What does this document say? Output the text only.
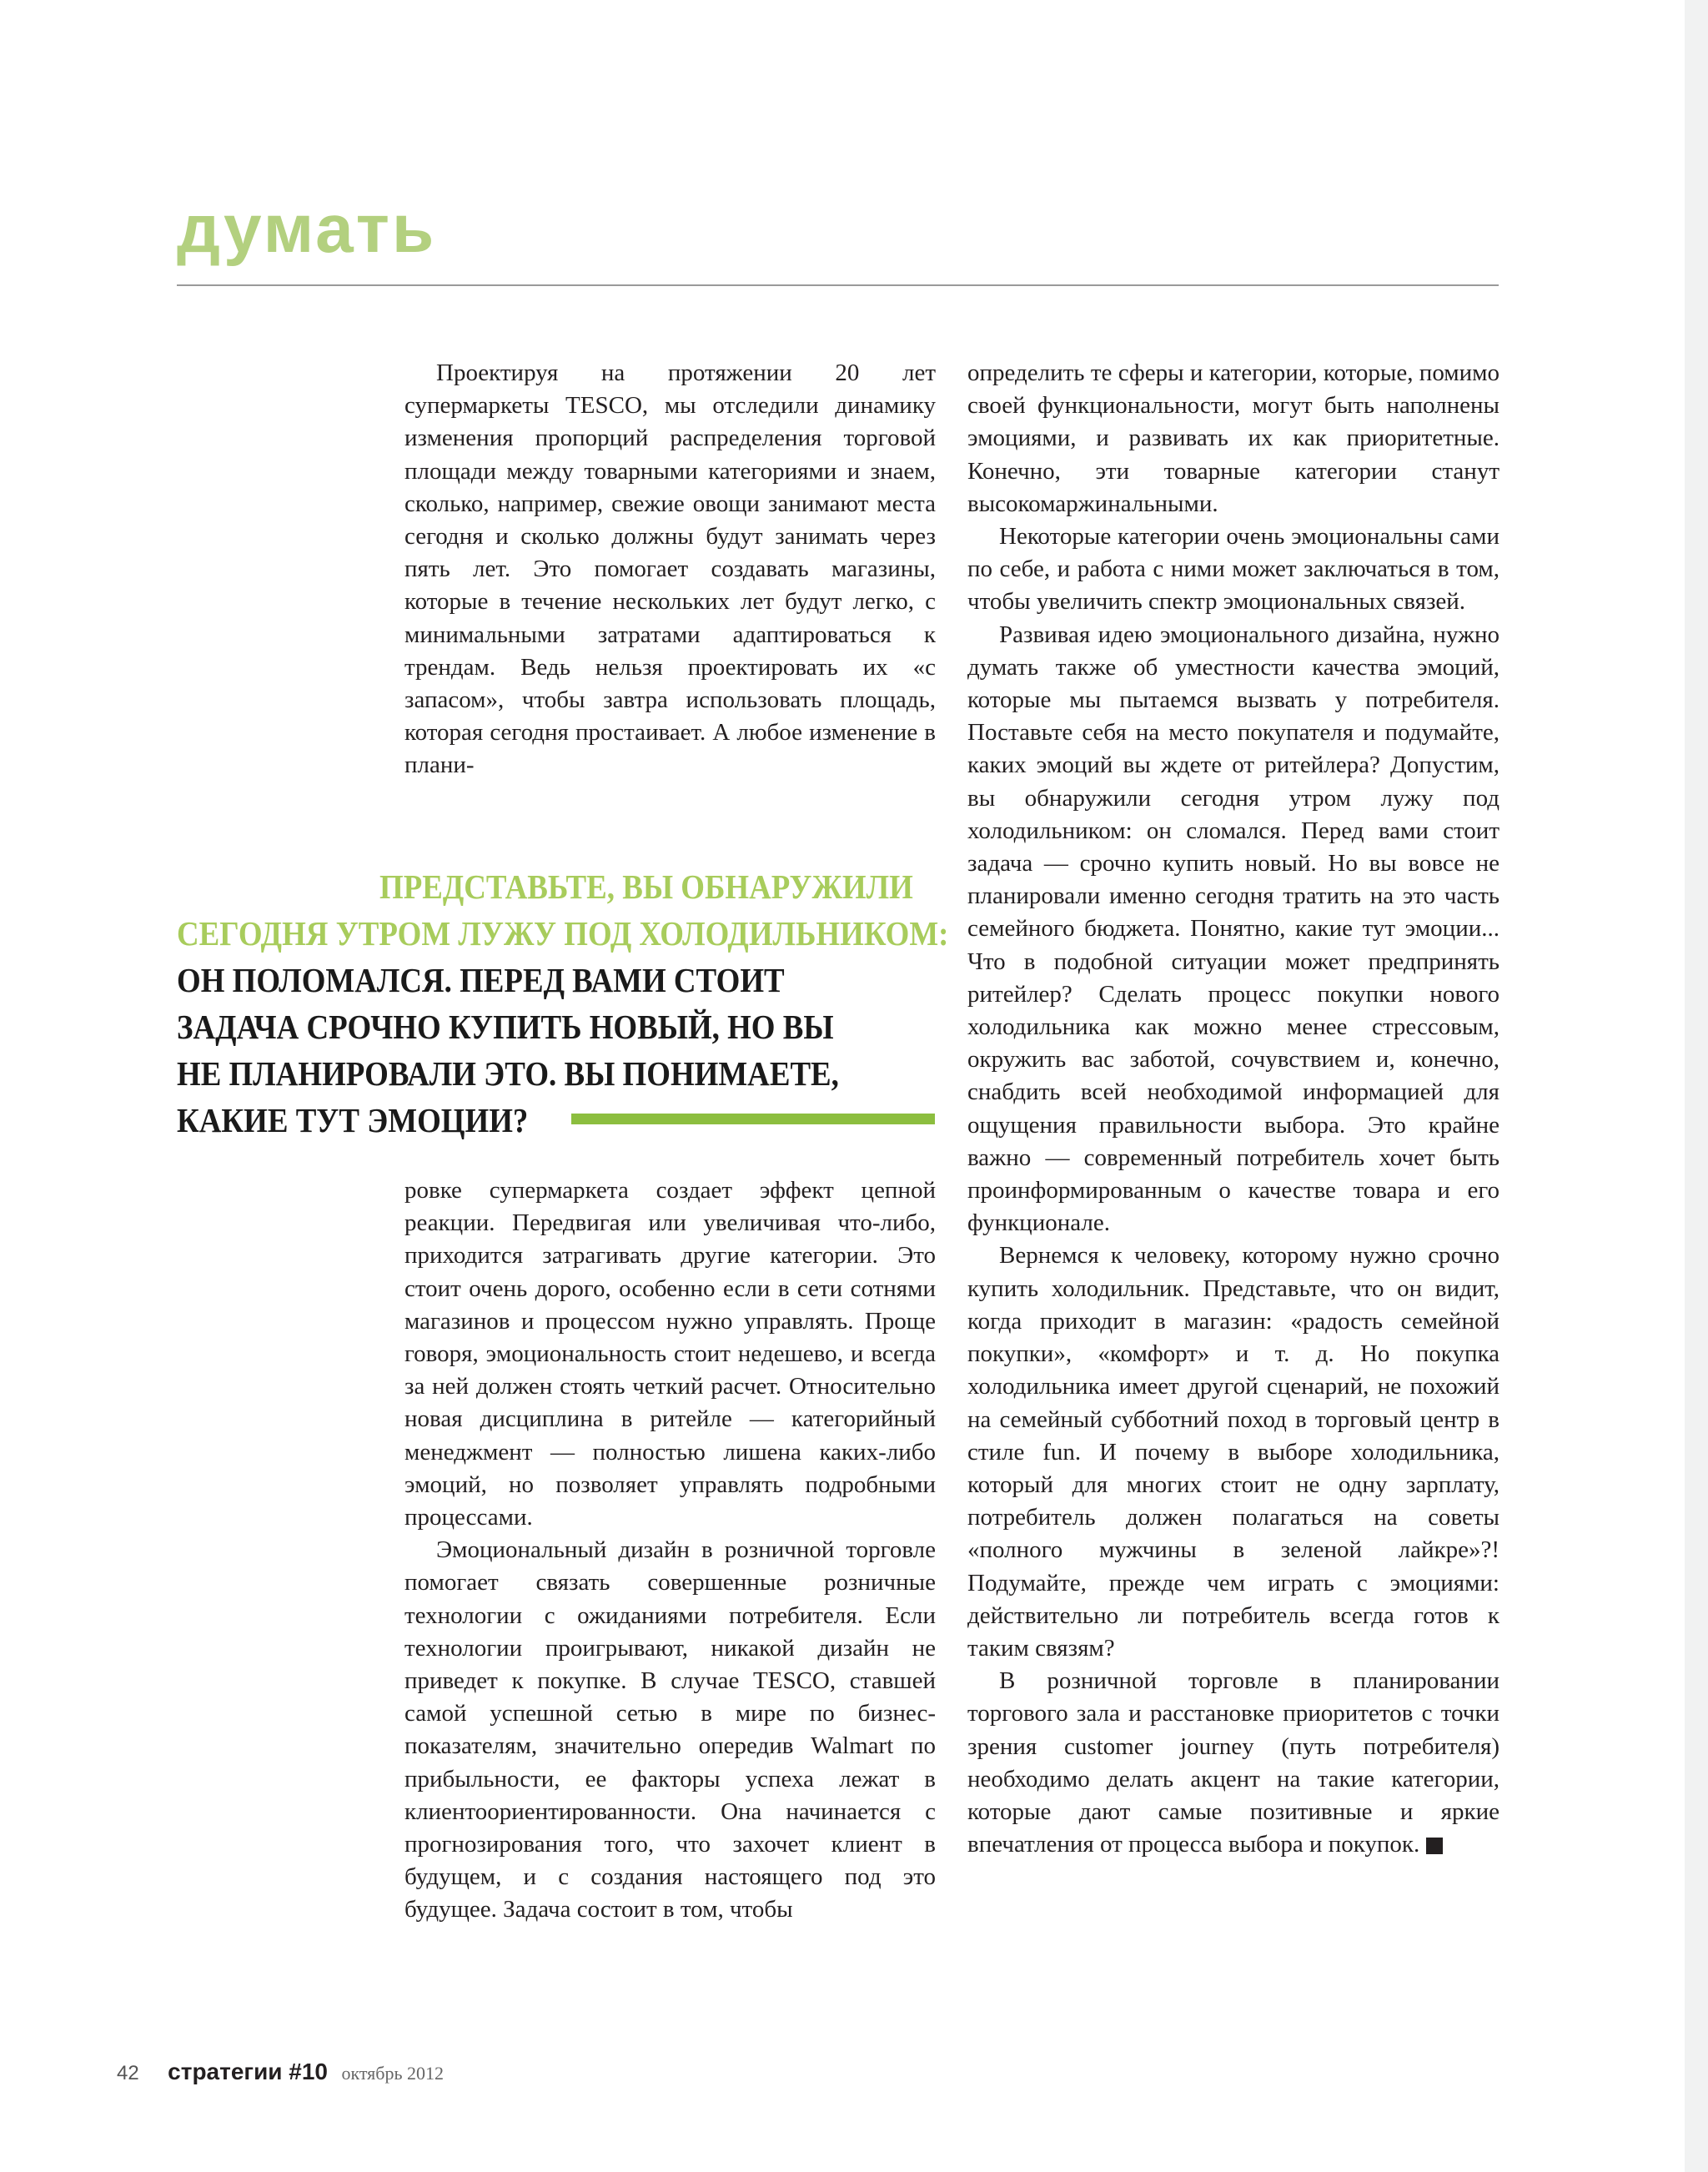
думать

Проектируя на протяжении 20 лет супермаркеты TESCO, мы отследили динамику изменения пропорций распределения торговой площади между товарными категориями и знаем, сколько, например, свежие овощи занимают места сегодня и сколько должны будут занимать через пять лет. Это помогает создавать магазины, которые в течение нескольких лет будут легко, с минимальными затратами адаптироваться к трендам. Ведь нельзя проектировать их «с запасом», чтобы завтра использовать площадь, которая сегодня простаивает. А любое изменение в плани-

ПРЕДСТАВЬТЕ, ВЫ ОБНАРУЖИЛИ
СЕГОДНЯ УТРОМ ЛУЖУ ПОД ХОЛОДИЛЬНИКОМ:
ОН ПОЛОМАЛСЯ. ПЕРЕД ВАМИ СТОИТ
ЗАДАЧА СРОЧНО КУПИТЬ НОВЫЙ, НО ВЫ
НЕ ПЛАНИРОВАЛИ ЭТО. ВЫ ПОНИМАЕТЕ,
КАКИЕ ТУТ ЭМОЦИИ?

ровке супермаркета создает эффект цепной реакции. Передвигая или увеличивая что-либо, приходится затрагивать другие категории. Это стоит очень дорого, особенно если в сети сотнями магазинов и процессом нужно управлять. Проще говоря, эмоциональность стоит недешево, и всегда за ней должен стоять четкий расчет. Относительно новая дисциплина в ритейле — категорийный менеджмент — полностью лишена каких-либо эмоций, но позволяет управлять подробными процессами.

Эмоциональный дизайн в розничной торговле помогает связать совершенные розничные технологии с ожиданиями потребителя. Если технологии проигрывают, никакой дизайн не приведет к покупке. В случае TESCO, ставшей самой успешной сетью в мире по бизнес-показателям, значительно опередив Walmart по прибыльности, ее факторы успеха лежат в клиентоориентированности. Она начинается с прогнозирования того, что захочет клиент в будущем, и с создания настоящего под это будущее. Задача состоит в том, чтобы

определить те сферы и категории, которые, помимо своей функциональности, могут быть наполнены эмоциями, и развивать их как приоритетные. Конечно, эти товарные категории станут высокомаржинальными.

Некоторые категории очень эмоциональны сами по себе, и работа с ними может заключаться в том, чтобы увеличить спектр эмоциональных связей.

Развивая идею эмоционального дизайна, нужно думать также об уместности качества эмоций, которые мы пытаемся вызвать у потребителя. Поставьте себя на место покупателя и подумайте, каких эмоций вы ждете от ритейлера? Допустим, вы обнаружили сегодня утром лужу под холодильником: он сломался. Перед вами стоит задача — срочно купить новый. Но вы вовсе не планировали именно сегодня тратить на это часть семейного бюджета. Понятно, какие тут эмоции... Что в подобной ситуации может предпринять ритейлер? Сделать процесс покупки нового холодильника как можно менее стрессовым, окружить вас заботой, сочувствием и, конечно, снабдить всей необходимой информацией для ощущения правильности выбора. Это крайне важно — современный потребитель хочет быть проинформированным о качестве товара и его функционале.

Вернемся к человеку, которому нужно срочно купить холодильник. Представьте, что он видит, когда приходит в магазин: «радость семейной покупки», «комфорт» и т. д. Но покупка холодильника имеет другой сценарий, не похожий на семейный субботний поход в торговый центр в стиле fun. И почему в выборе холодильника, который для многих стоит не одну зарплату, потребитель должен полагаться на советы «полного мужчины в зеленой лайкре»?! Подумайте, прежде чем играть с эмоциями: действительно ли потребитель всегда готов к таким связям?

В розничной торговле в планировании торгового зала и расстановке приоритетов с точки зрения customer journey (путь потребителя) необходимо делать акцент на такие категории, которые дают самые позитивные и яркие впечатления от процесса выбора и покупок.	◂

42 стратегии #10 октябрь 2012
